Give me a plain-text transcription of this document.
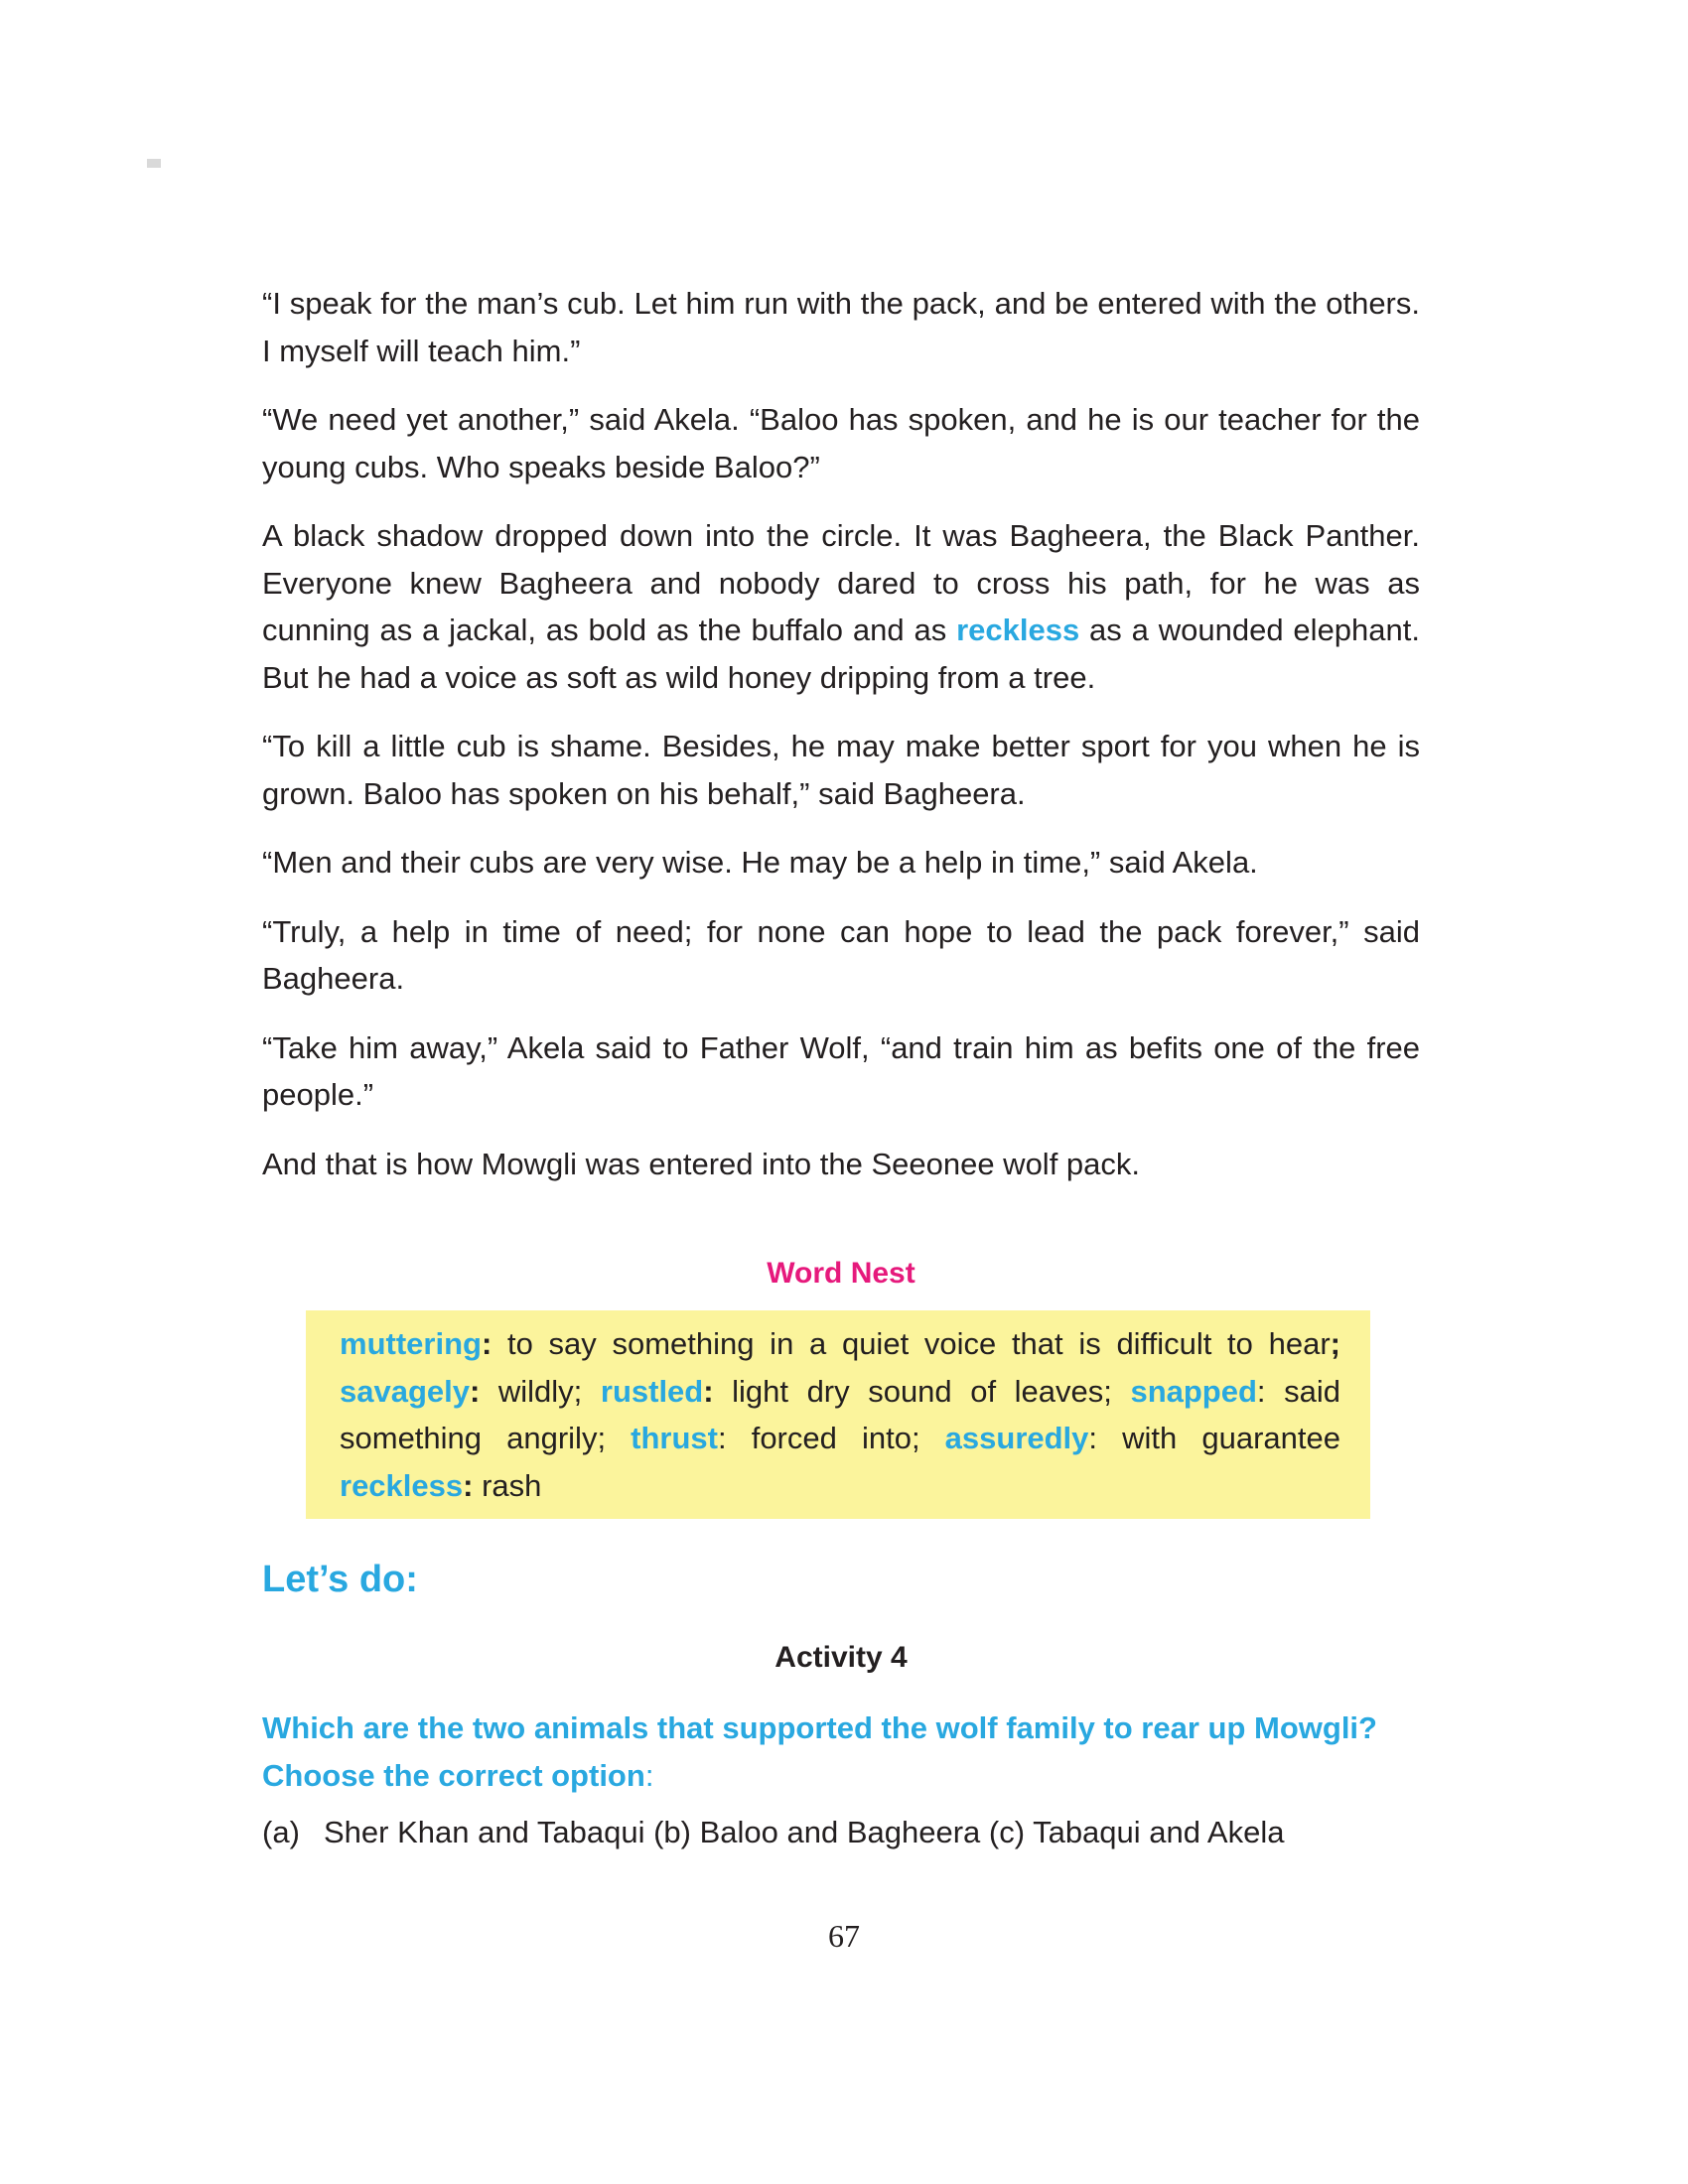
“I speak for the man’s cub. Let him run with the pack, and be entered with the others. I myself will teach him.”

“We need yet another,” said Akela. “Baloo has spoken, and he is our teacher for the young cubs. Who speaks beside Baloo?”

A black shadow dropped down into the circle. It was Bagheera, the Black Panther. Everyone knew Bagheera and nobody dared to cross his path, for he was as cunning as a jackal, as bold as the buffalo and as reckless as a wounded elephant. But he had a voice as soft as wild honey dripping from a tree.

“To kill a little cub is shame. Besides, he may make better sport for you when he is grown. Baloo has spoken on his behalf,” said Bagheera.

“Men and their cubs are very wise. He may be a help in time,” said Akela.

“Truly, a help in time of need; for none can hope to lead the pack forever,” said Bagheera.

“Take him away,” Akela said to Father Wolf, “and train him as befits one of the free people.”

And that is how Mowgli was entered into the Seeonee wolf pack.

Word Nest

muttering: to say something in a quiet voice that is difficult to hear; savagely: wildly; rustled: light dry sound of leaves; snapped: said something angrily; thrust: forced into; assuredly: with guarantee reckless: rash

Let’s do:
Activity 4

Which are the two animals that supported the wolf family to rear up Mowgli? Choose the correct option:

(a) Sher Khan and Tabaqui (b) Baloo and Bagheera (c) Tabaqui and Akela

67
